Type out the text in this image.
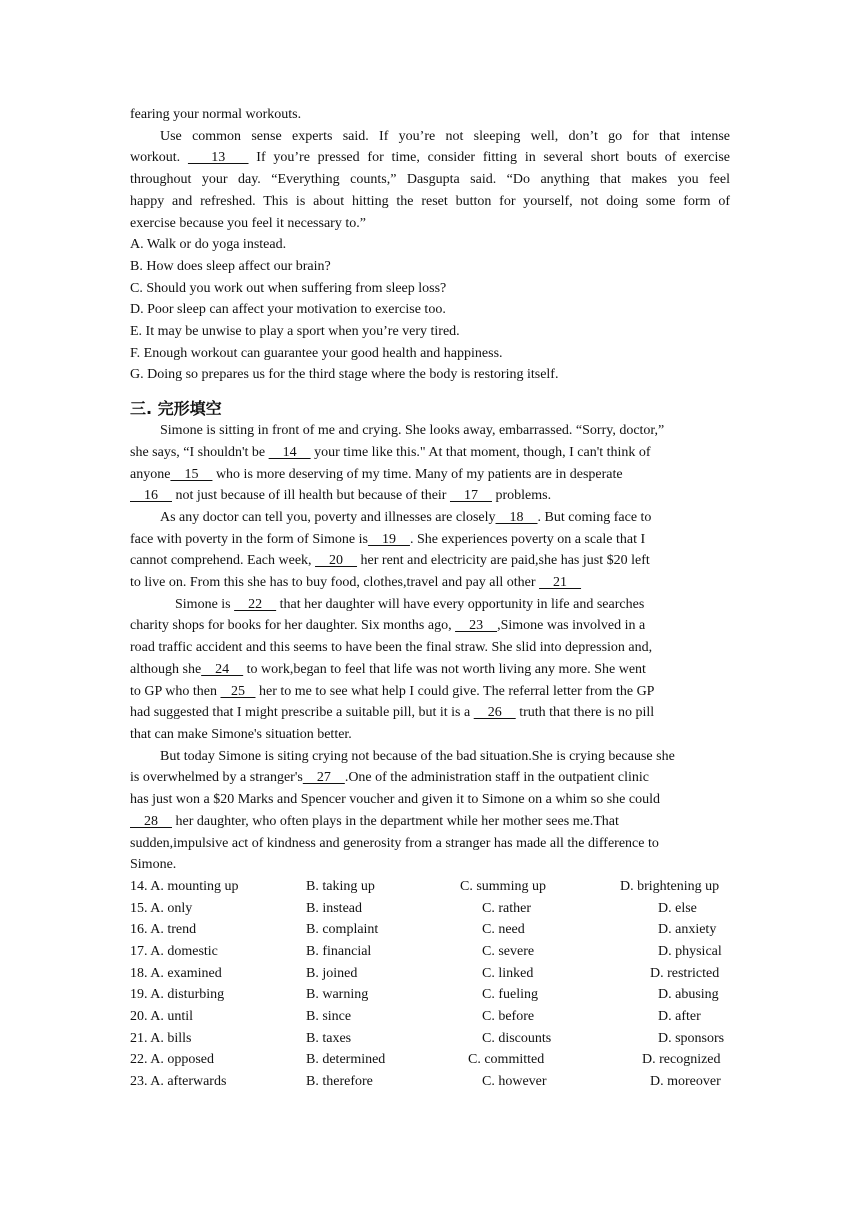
fearing your normal workouts.
Use common sense experts said. If you’re not sleeping well, don’t go for that intense
workout.    13    If you’re pressed for time, consider fitting in several short bouts of exercise
throughout your day. “Everything counts,” Dasgupta said. “Do anything that makes you feel
happy and refreshed. This is about hitting the reset button for yourself, not doing some form of
exercise because you feel it necessary to.”
A. Walk or do yoga instead.
B. How does sleep affect our brain?
C. Should you work out when suffering from sleep loss?
D. Poor sleep can affect your motivation to exercise too.
E. It may be unwise to play a sport when you’re very tired.
F. Enough workout can guarantee your good health and happiness.
G. Doing so prepares us for the third stage where the body is restoring itself.
三. 完形填空
Simone is sitting in front of me and crying. She looks away, embarrassed. “Sorry, doctor,”
she says, “I shouldn't be     14     your time like this." At that moment, though, I can't think of
anyone    15     who is more deserving of my time. Many of my patients are in desperate
16     not just because of ill health but because of their     17     problems.
As any doctor can tell you, poverty and illnesses are closely    18    . But coming face to
face with poverty in the form of Simone is    19    . She experiences poverty on a scale that I
cannot comprehend. Each week,     20     her rent and electricity are paid,she has just $20 left
to live on. From this she has to buy food, clothes,travel and pay all other     21
Simone is     22     that her daughter will have every opportunity in life and searches
charity shops for books for her daughter. Six months ago,     23    ,Simone was involved in a
road traffic accident and this seems to have been the final straw. She slid into depression and,
although she    24     to work,began to feel that life was not worth living any more. She went
to GP who then    25    her to me to see what help I could give. The referral letter from the GP
had suggested that I might prescribe a suitable pill, but it is a     26     truth that there is no pill
that can make Simone's situation better.
But today Simone is siting crying not because of the bad situation.She is crying because she
is overwhelmed by a stranger's    27    .One of the administration staff in the outpatient clinic
has just won a $20 Marks and Spencer voucher and given it to Simone on a whim so she could
28     her daughter, who often plays in the department while her mother sees me.That
sudden,impulsive act of kindness and generosity from a stranger has made all the difference to
Simone.
14. A. mounting up	B. taking up	C. summing up	D. brightening up
15. A. only	B. instead	C. rather	D. else
16. A. trend	B. complaint	C. need	D. anxiety
17. A. domestic	B. financial	C. severe	D. physical
18. A. examined	B. joined	C. linked	D. restricted
19. A. disturbing	B. warning	C. fueling	D. abusing
20. A. until	B. since	C. before	D. after
21. A. bills	B. taxes	C. discounts	D. sponsors
22. A. opposed	B. determined	C. committed	D. recognized
23. A. afterwards	B. therefore	C. however	D. moreover
